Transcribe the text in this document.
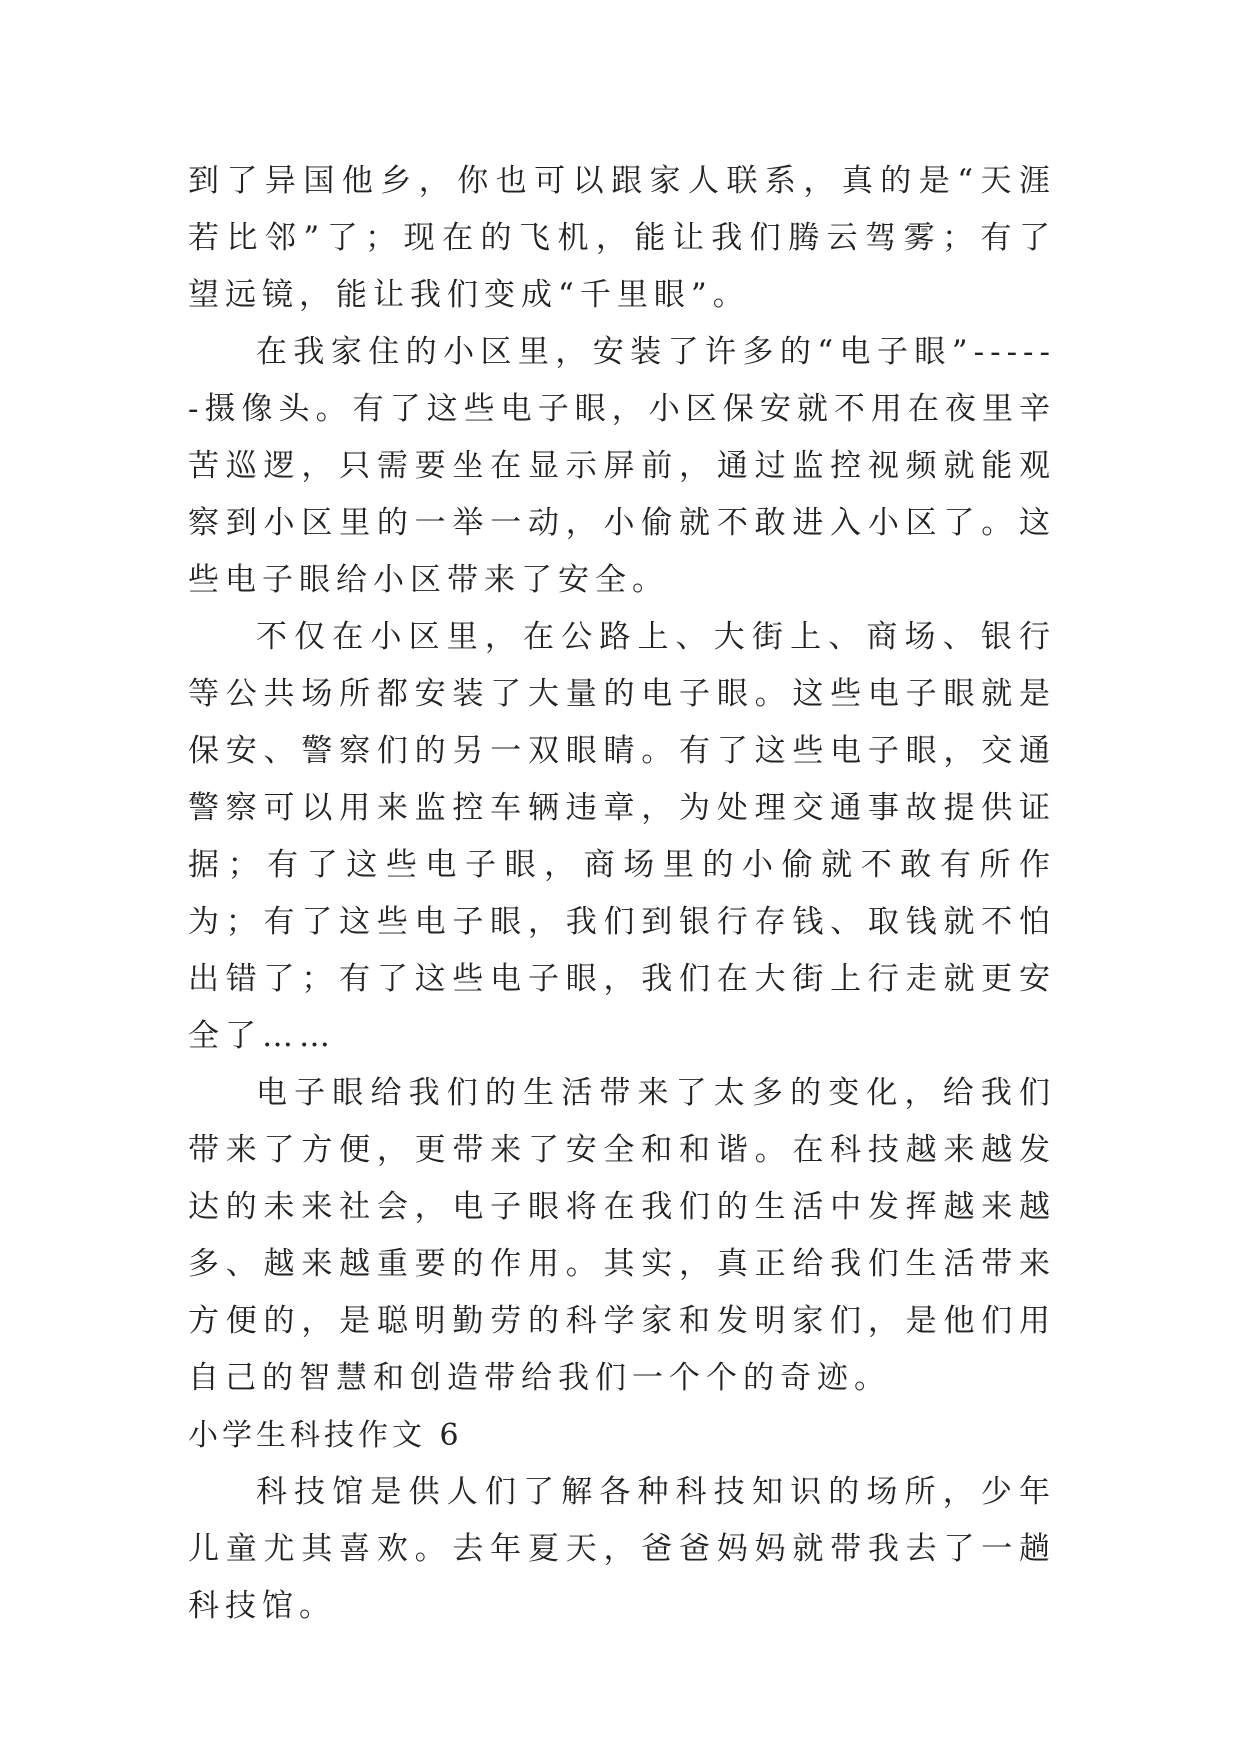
到了异国他乡，你也可以跟家人联系，真的是“天涯若比邻”了；现在的飞机，能让我们腾云驾雾；有了望远镜，能让我们变成“千里眼”。

在我家住的小区里，安装了许多的“电子眼”------摄像头。有了这些电子眼，小区保安就不用在夜里辛苦巡逻，只需要坐在显示屏前，通过监控视频就能观察到小区里的一举一动，小偷就不敢进入小区了。这些电子眼给小区带来了安全。

不仅在小区里，在公路上、大街上、商场、银行等公共场所都安装了大量的电子眼。这些电子眼就是保安、警察们的另一双眼睛。有了这些电子眼，交通警察可以用来监控车辆违章，为处理交通事故提供证据；有了这些电子眼，商场里的小偷就不敢有所作为；有了这些电子眼，我们到银行存钱、取钱就不怕出错了；有了这些电子眼，我们在大街上行走就更安全了……

电子眼给我们的生活带来了太多的变化，给我们带来了方便，更带来了安全和和谐。在科技越来越发达的未来社会，电子眼将在我们的生活中发挥越来越多、越来越重要的作用。其实，真正给我们生活带来方便的，是聪明勤劳的科学家和发明家们，是他们用自己的智慧和创造带给我们一个个的奇迹。

小学生科技作文 6

科技馆是供人们了解各种科技知识的场所，少年儿童尤其喜欢。去年夏天，爸爸妈妈就带我去了一趟科技馆。
